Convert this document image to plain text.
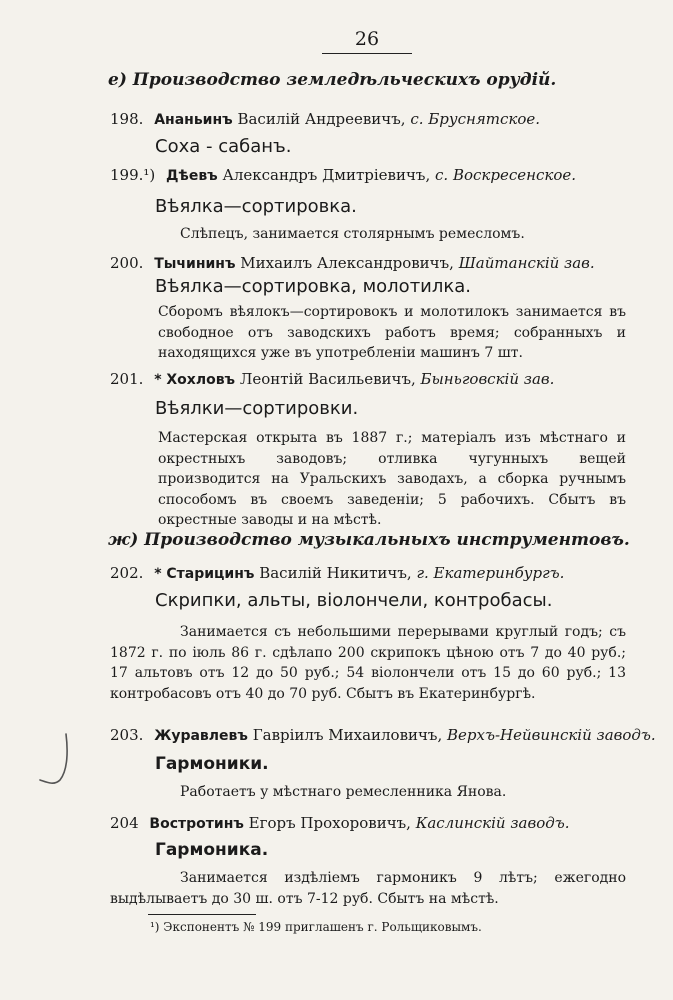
26
е) Производство земледѣльческихъ орудій.
198. Ананьинъ Василій Андреевичъ, с. Бруснятское.
Соха - сабанъ.
199.¹) Дѣевъ Александръ Дмитріевичъ, с. Воскресенское.
Вѣялка—сортировка.
Слѣпецъ, занимается столярнымъ ремесломъ.
200. Тычининъ Михаилъ Александровичъ, Шайтанскій зав.
Вѣялка—сортировка, молотилка.
Сборомъ вѣялокъ—сортировокъ и молотилокъ занимается въ свободное отъ заводскихъ работъ время; собранныхъ и находящихся уже въ употребленіи машинъ 7 шт.
201. * Хохловъ Леонтій Васильевичъ, Быньговскій зав.
Вѣялки—сортировки.
Мастерская открыта въ 1887 г.; матеріалъ изъ мѣстнаго и окрестныхъ заводовъ; отливка чугунныхъ вещей производится на Уральскихъ заводахъ, а сборка ручнымъ способомъ въ своемъ заведеніи; 5 рабочихъ. Сбытъ въ окрестные заводы и на мѣстѣ.
ж) Производство музыкальныхъ инструментовъ.
202. * Старицинъ Василій Никитичъ, г. Екатеринбургъ.
Скрипки, альты, віолончели, контробасы.
Занимается съ небольшими перерывами круглый годъ; съ 1872 г. по іюль 86 г. сдѣлапо 200 скрипокъ цѣною отъ 7 до 40 руб.; 17 альтовъ отъ 12 до 50 руб.; 54 віолончели отъ 15 до 60 руб.; 13 контробасовъ отъ 40 до 70 руб. Сбытъ въ Екатеринбургѣ.
203. Журавлевъ Гавріилъ Михаиловичъ, Верхъ-Нейвинскій заводъ.
Гармоники.
Работаетъ у мѣстнаго ремесленника Янова.
204 Востротинъ Егоръ Прохоровичъ, Каслинскій заводъ.
Гармоника.
Занимается издѣліемъ гармоникъ 9 лѣтъ; ежегодно выдѣлываетъ до 30 ш. отъ 7-12 руб. Сбытъ на мѣстѣ.
¹) Экспонентъ № 199 приглашенъ г. Рольщиковымъ.
